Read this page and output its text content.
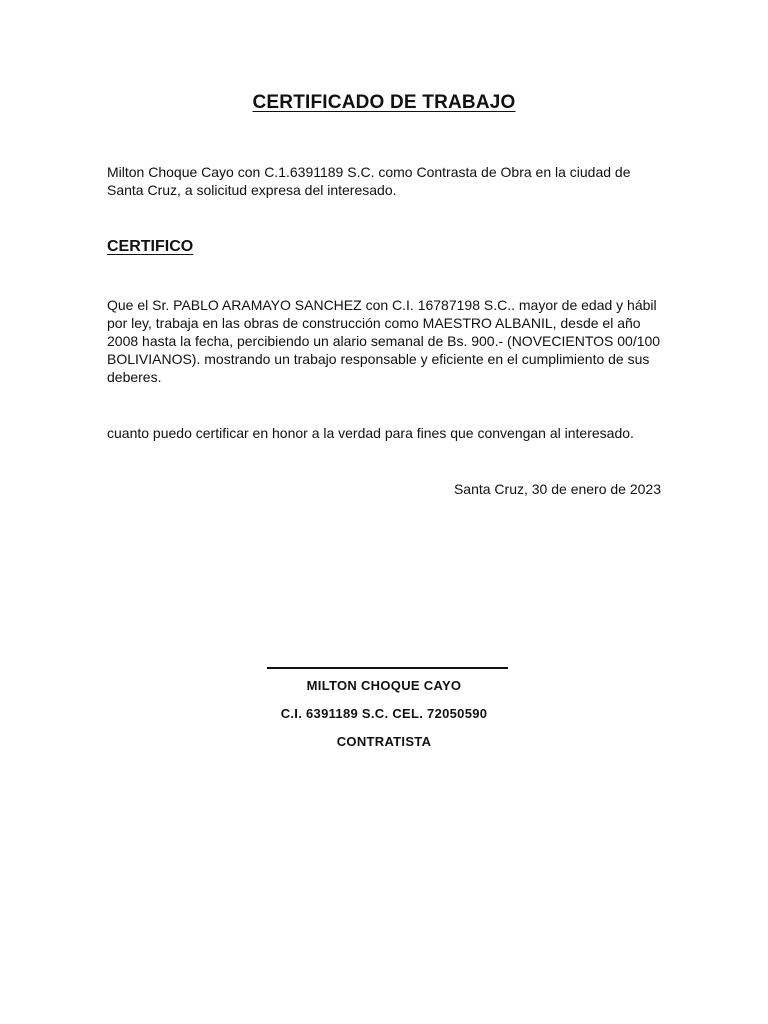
CERTIFICADO DE TRABAJO
Milton Choque Cayo con C.1.6391189 S.C. como Contrasta de Obra en la ciudad de Santa Cruz, a solicitud expresa del interesado.
CERTIFICO
Que el Sr. PABLO ARAMAYO SANCHEZ con C.I. 16787198 S.C.. mayor de edad y hábil por ley, trabaja en las obras de construcción como MAESTRO ALBANIL, desde el año 2008 hasta la fecha, percibiendo un alario semanal de Bs. 900.- (NOVECIENTOS 00/100 BOLIVIANOS). mostrando un trabajo responsable y eficiente en el cumplimiento de sus deberes.
cuanto puedo certificar en honor a la verdad para fines que convengan al interesado.
Santa Cruz, 30 de enero de 2023
MILTON CHOQUE CAYO
C.I. 6391189 S.C. CEL. 72050590
CONTRATISTA
